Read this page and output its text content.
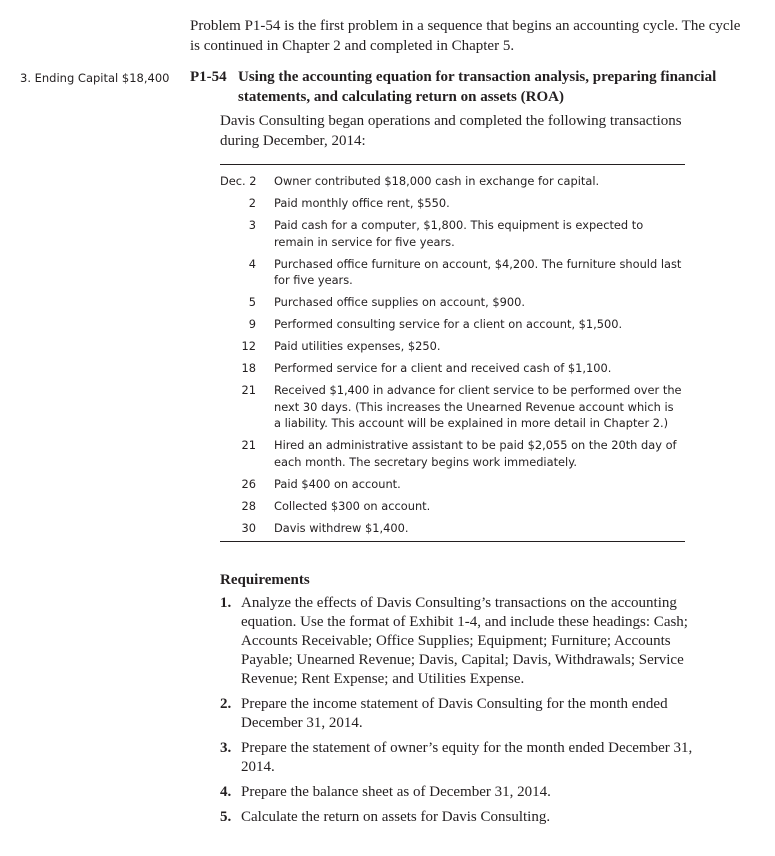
Problem P1-54 is the first problem in a sequence that begins an accounting cycle. The cycle is continued in Chapter 2 and completed in Chapter 5.

3. Ending Capital $18,400 P1-54 Using the accounting equation for transaction analysis, preparing financial statements, and calculating return on assets (ROA)

Davis Consulting began operations and completed the following transactions during December, 2014:

Dec. 2 Owner contributed $18,000 cash in exchange for capital.
2 Paid monthly office rent, $550.
3 Paid cash for a computer, $1,800. This equipment is expected to remain in service for five years.
4 Purchased office furniture on account, $4,200. The furniture should last for five years.
5 Purchased office supplies on account, $900.
9 Performed consulting service for a client on account, $1,500.
12 Paid utilities expenses, $250.
18 Performed service for a client and received cash of $1,100.
21 Received $1,400 in advance for client service to be performed over the next 30 days. (This increases the Unearned Revenue account which is a liability. This account will be explained in more detail in Chapter 2.)
21 Hired an administrative assistant to be paid $2,055 on the 20th day of each month. The secretary begins work immediately.
26 Paid $400 on account.
28 Collected $300 on account.
30 Davis withdrew $1,400.

Requirements

1. Analyze the effects of Davis Consulting’s transactions on the accounting equation. Use the format of Exhibit 1-4, and include these headings: Cash; Accounts Receivable; Office Supplies; Equipment; Furniture; Accounts Payable; Unearned Revenue; Davis, Capital; Davis, Withdrawals; Service Revenue; Rent Expense; and Utilities Expense.
2. Prepare the income statement of Davis Consulting for the month ended December 31, 2014.
3. Prepare the statement of owner’s equity for the month ended December 31, 2014.
4. Prepare the balance sheet as of December 31, 2014.
5. Calculate the return on assets for Davis Consulting.
